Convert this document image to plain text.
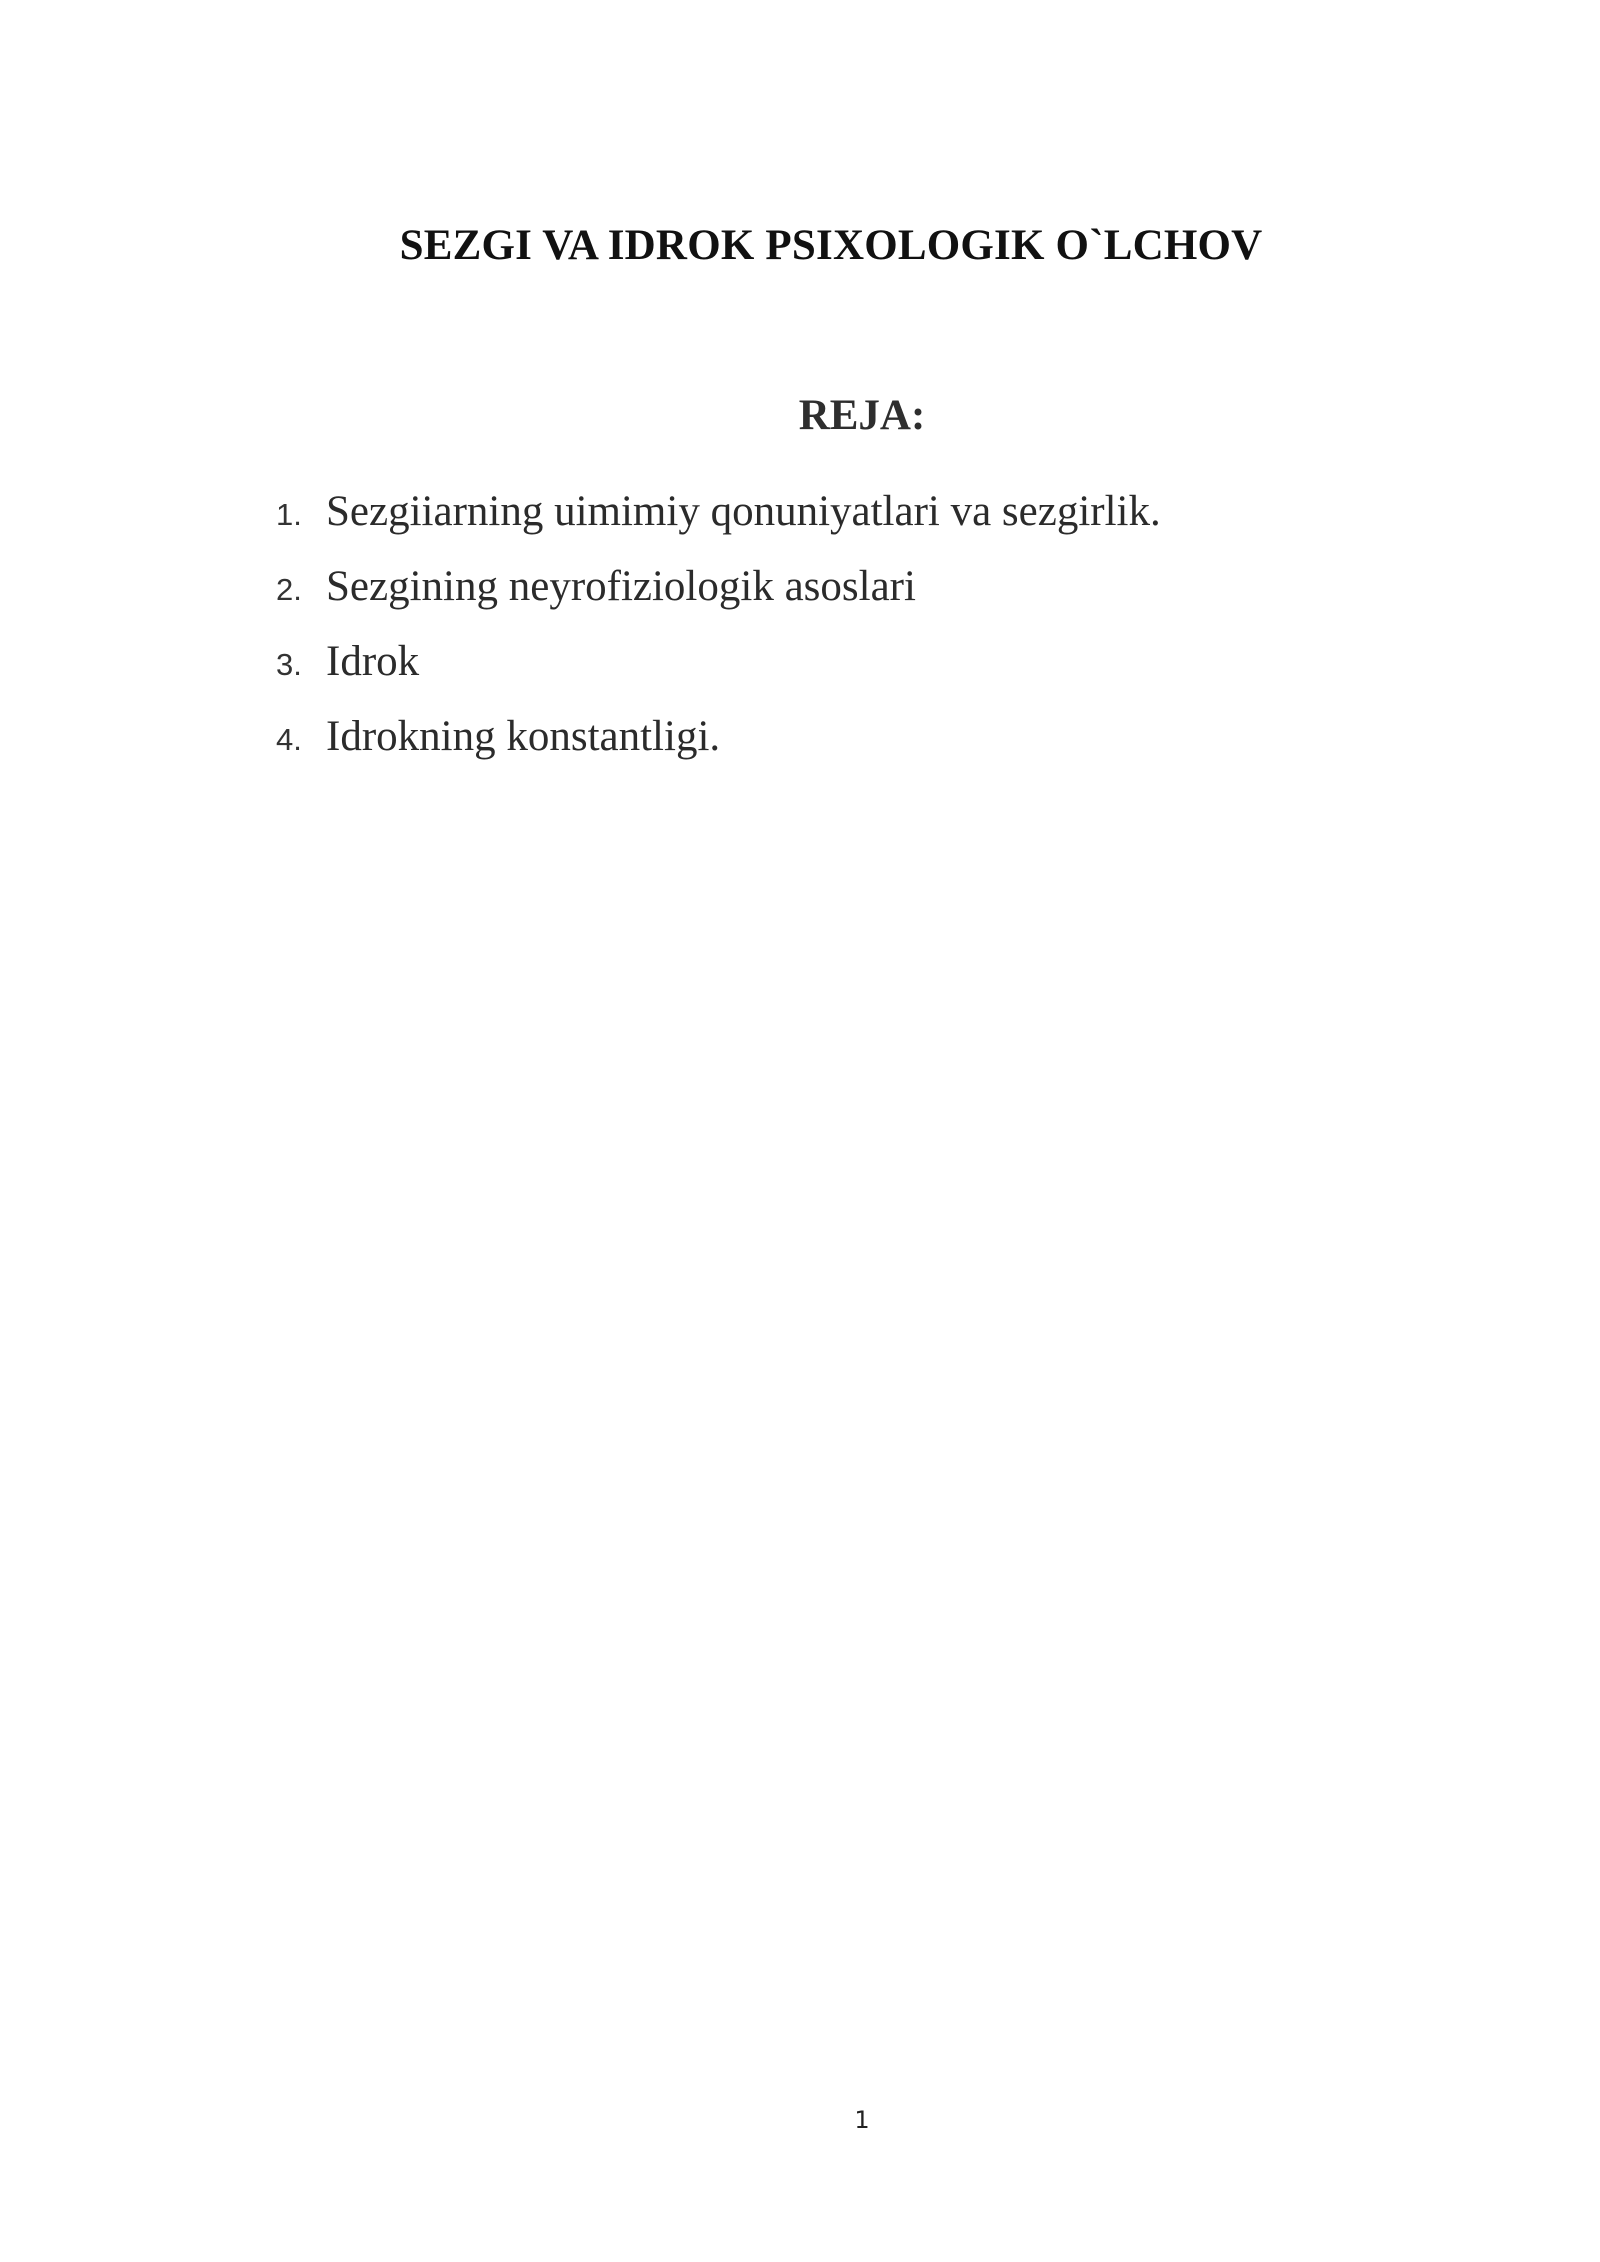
SEZGI VA IDROK PSIXOLOGIK O`LCHOV
REJA:
1. Sezgiiarning uimimiy qonuniyatlari va sezgirlik.
2. Sezgining neyrofiziologik asoslari
3. Idrok
4. Idrokning konstantligi.
1
